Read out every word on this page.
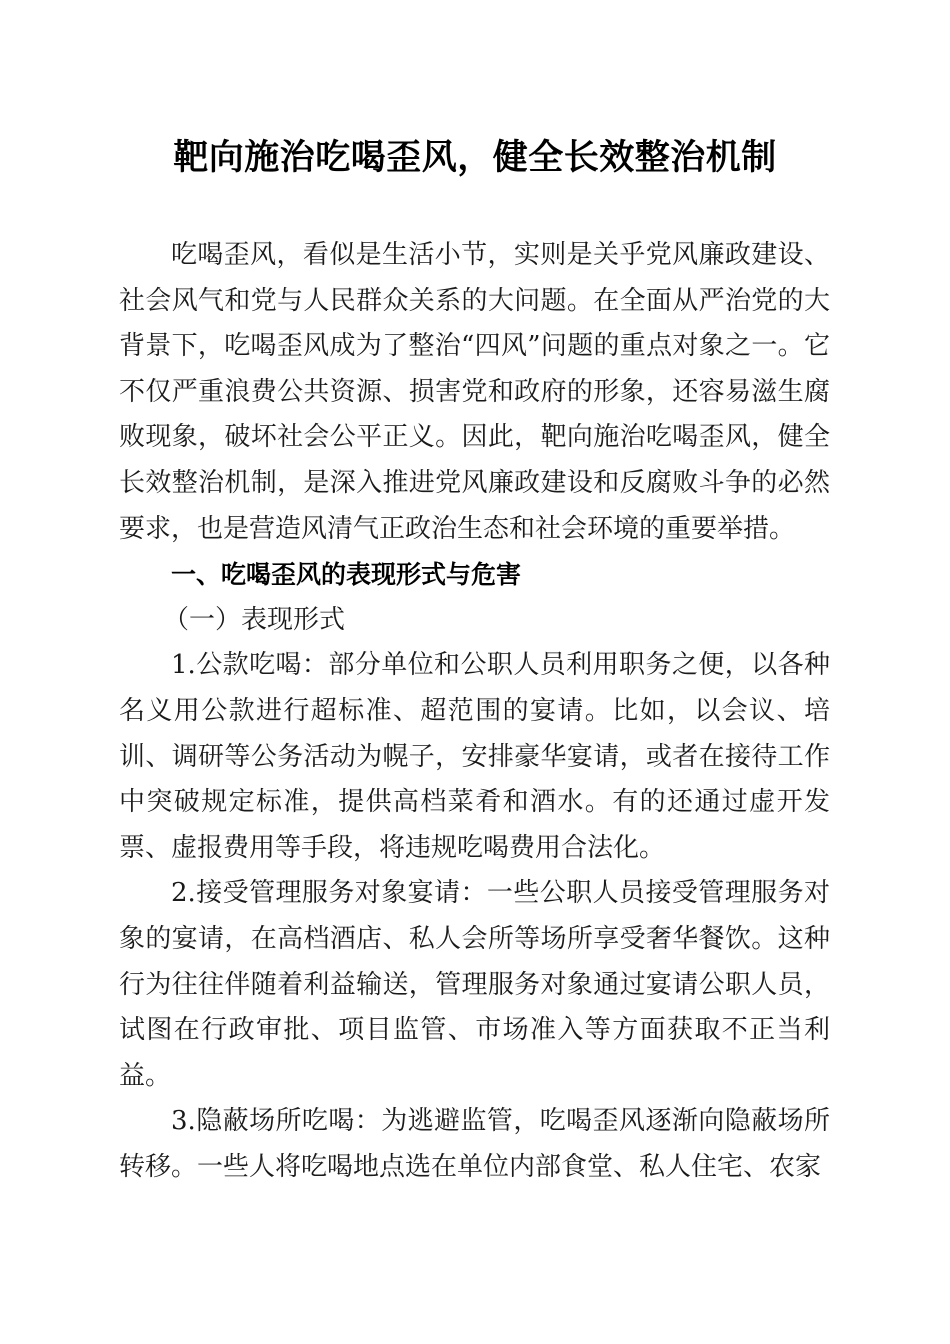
靶向施治吃喝歪风，健全长效整治机制

吃喝歪风，看似是生活小节，实则是关乎党风廉政建设、社会风气和党与人民群众关系的大问题。在全面从严治党的大背景下，吃喝歪风成为了整治“四风”问题的重点对象之一。它不仅严重浪费公共资源、损害党和政府的形象，还容易滋生腐败现象，破坏社会公平正义。因此，靶向施治吃喝歪风，健全长效整治机制，是深入推进党风廉政建设和反腐败斗争的必然要求，也是营造风清气正政治生态和社会环境的重要举措。

一、吃喝歪风的表现形式与危害

（一）表现形式

1.公款吃喝：部分单位和公职人员利用职务之便，以各种名义用公款进行超标准、超范围的宴请。比如，以会议、培训、调研等公务活动为幌子，安排豪华宴请，或者在接待工作中突破规定标准，提供高档菜肴和酒水。有的还通过虚开发票、虚报费用等手段，将违规吃喝费用合法化。

2.接受管理服务对象宴请：一些公职人员接受管理服务对象的宴请，在高档酒店、私人会所等场所享受奢华餐饮。这种行为往往伴随着利益输送，管理服务对象通过宴请公职人员，试图在行政审批、项目监管、市场准入等方面获取不正当利益。

3.隐蔽场所吃喝：为逃避监管，吃喝歪风逐渐向隐蔽场所转移。一些人将吃喝地点选在单位内部食堂、私人住宅、农家
